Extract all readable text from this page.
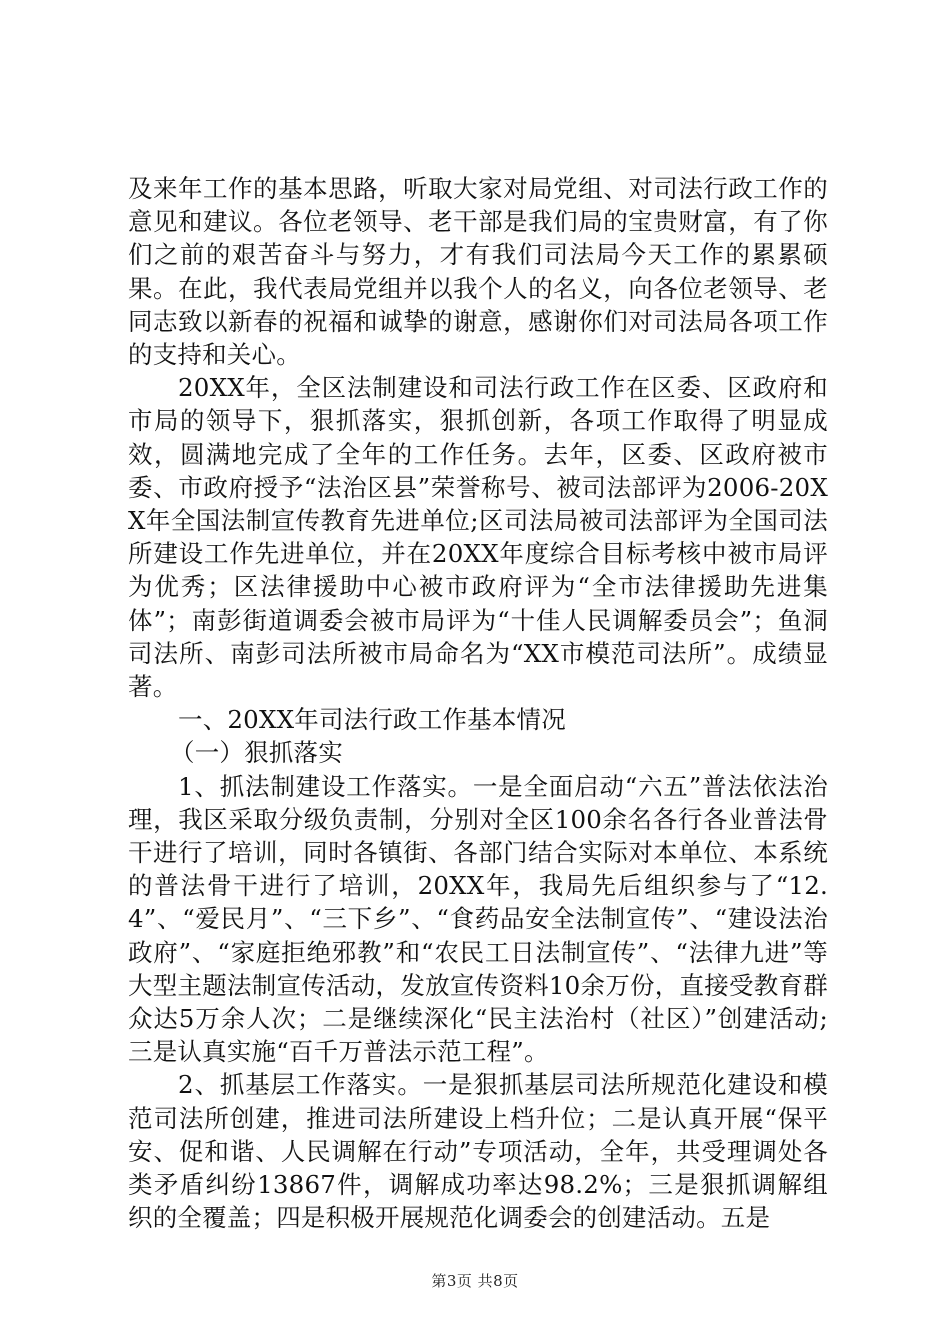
及来年工作的基本思路，听取大家对局党组、对司法行政工作的意见和建议。各位老领导、老干部是我们局的宝贵财富，有了你们之前的艰苦奋斗与努力，才有我们司法局今天工作的累累硕果。在此，我代表局党组并以我个人的名义，向各位老领导、老同志致以新春的祝福和诚挚的谢意，感谢你们对司法局各项工作的支持和关心。

20XX年，全区法制建设和司法行政工作在区委、区政府和市局的领导下，狠抓落实，狠抓创新，各项工作取得了明显成效，圆满地完成了全年的工作任务。去年，区委、区政府被市委、市政府授予“法治区县”荣誉称号、被司法部评为2006-20XX年全国法制宣传教育先进单位;区司法局被司法部评为全国司法所建设工作先进单位，并在20XX年度综合目标考核中被市局评为优秀；区法律援助中心被市政府评为“全市法律援助先进集体”；南彭街道调委会被市局评为“十佳人民调解委员会”；鱼洞司法所、南彭司法所被市局命名为“XX市模范司法所”。成绩显著。

一、20XX年司法行政工作基本情况

（一）狠抓落实

1、抓法制建设工作落实。一是全面启动“六五”普法依法治理，我区采取分级负责制，分别对全区100余名各行各业普法骨干进行了培训，同时各镇街、各部门结合实际对本单位、本系统的普法骨干进行了培训，20XX年，我局先后组织参与了“12.4”、“爱民月”、“三下乡”、“食药品安全法制宣传”、“建设法治政府”、“家庭拒绝邪教”和“农民工日法制宣传”、“法律九进”等大型主题法制宣传活动，发放宣传资料10余万份，直接受教育群众达5万余人次；二是继续深化“民主法治村（社区）”创建活动;三是认真实施“百千万普法示范工程”。

2、抓基层工作落实。一是狠抓基层司法所规范化建设和模范司法所创建，推进司法所建设上档升位；二是认真开展“保平安、促和谐、人民调解在行动”专项活动，全年，共受理调处各类矛盾纠纷13867件，调解成功率达98.2%；三是狠抓调解组织的全覆盖；四是积极开展规范化调委会的创建活动。五是

第3页 共8页
